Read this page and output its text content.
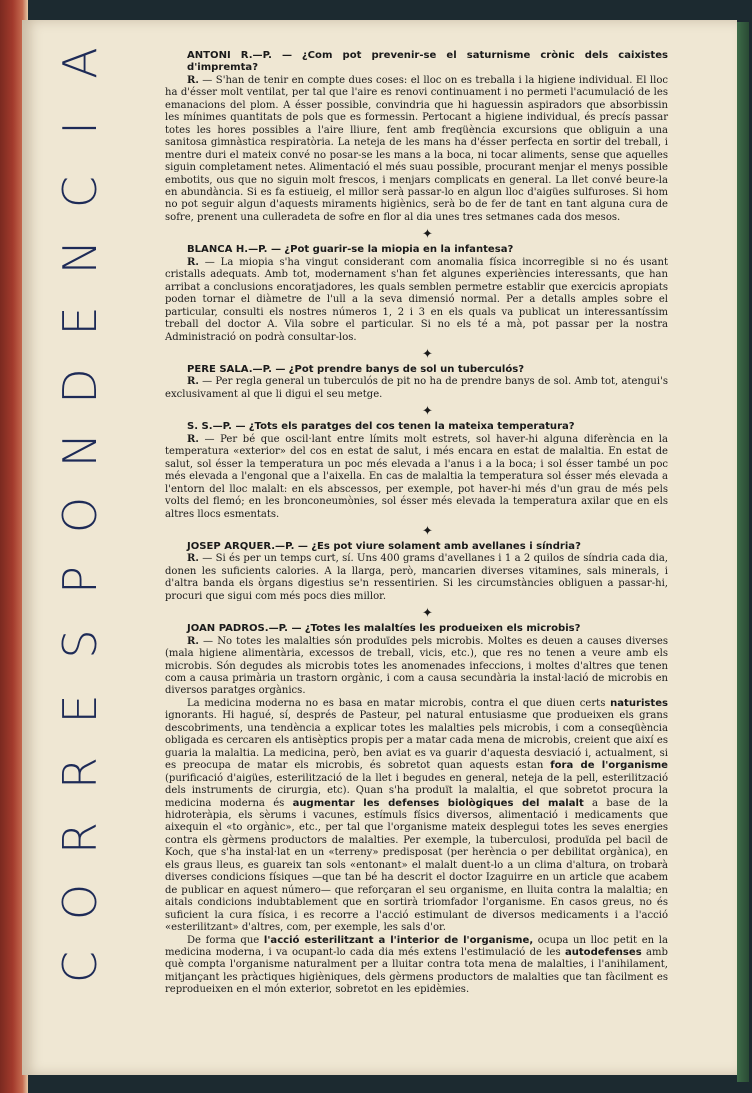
A
I
C
N
E
D
N
O
P
S
E
R
R
O
C

ANTONI R.—P. — ¿Com pot prevenir-se el saturnisme crònic dels caixistes d'impremta?

R. — S'han de tenir en compte dues coses: el lloc on es treballa i la higiene individual. El lloc ha d'ésser molt ventilat, per tal que l'aire es renovi continuament i no permeti l'acumulació de les emanacions del plom. A ésser possible, convindria que hi haguessin aspiradors que absorbissin les mínimes quantitats de pols que es formessin. Pertocant a higiene individual, és precís passar totes les hores possibles a l'aire lliure, fent amb freqüència excursions que obliguin a una sanitosa gimnàstica respiratòria. La neteja de les mans ha d'ésser perfecta en sortir del treball, i mentre duri el mateix convé no posar-se les mans a la boca, ni tocar aliments, sense que aquelles siguin completament netes. Alimentació el més suau possible, procurant menjar el menys possible embotits, ous que no siguin molt frescos, i menjars complicats en general. La llet convé beure-la en abundància. Si es fa estiueig, el millor serà passar-lo en algun lloc d'aigües sulfuroses. Si hom no pot seguir algun d'aquests miraments higiènics, serà bo de fer de tant en tant alguna cura de sofre, prenent una culleradeta de sofre en flor al dia unes tres setmanes cada dos mesos.

✦

BLANCA H.—P. — ¿Pot guarir-se la miopia en la infantesa?

R. — La miopia s'ha vingut considerant com anomalia física incorregible si no és usant cristalls adequats. Amb tot, modernament s'han fet algunes experiències interessants, que han arribat a conclusions encoratjadores, les quals semblen permetre establir que exercicis apropiats poden tornar el diàmetre de l'ull a la seva dimensió normal. Per a detalls amples sobre el particular, consulti els nostres números 1, 2 i 3 en els quals va publicat un interessantíssim treball del doctor A. Vila sobre el particular. Si no els té a mà, pot passar per la nostra Administració on podrà consultar-los.

✦

PERE SALA.—P. — ¿Pot prendre banys de sol un tuberculós?

R. — Per regla general un tuberculós de pit no ha de prendre banys de sol. Amb tot, atengui's exclusivament al que li digui el seu metge.

✦

S. S.—P. — ¿Tots els paratges del cos tenen la mateixa temperatura?

R. — Per bé que oscil·lant entre límits molt estrets, sol haver-hi alguna diferència en la temperatura «exterior» del cos en estat de salut, i més encara en estat de malaltia. En estat de salut, sol ésser la temperatura un poc més elevada a l'anus i a la boca; i sol ésser també un poc més elevada a l'engonal que a l'aixella. En cas de malaltia la temperatura sol ésser més elevada a l'entorn del lloc malalt: en els abscessos, per exemple, pot haver-hi més d'un grau de més pels volts del flemó; en les bronconeumònies, sol ésser més elevada la temperatura axilar que en els altres llocs esmentats.

✦

JOSEP ARQUER.—P. — ¿Es pot viure solament amb avellanes i síndria?

R. — Si és per un temps curt, sí. Uns 400 grams d'avellanes i 1 a 2 quilos de síndria cada dia, donen les suficients calories. A la llarga, però, mancarien diverses vitamines, sals minerals, i d'altra banda els òrgans digestius se'n ressentirien. Si les circumstàncies obliguen a passar-hi, procuri que sigui com més pocs dies millor.

✦

JOAN PADROS.—P. — ¿Totes les malaltíes les produeixen els microbis?

R. — No totes les malalties són produïdes pels microbis. Moltes es deuen a causes diverses (mala higiene alimentària, excessos de treball, vicis, etc.), que res no tenen a veure amb els microbis. Són degudes als microbis totes les anomenades infeccions, i moltes d'altres que tenen com a causa primària un trastorn orgànic, i com a causa secundària la instal·lació de microbis en diversos paratges orgànics.

La medicina moderna no es basa en matar microbis, contra el que diuen certs naturistes ignorants. Hi hagué, sí, després de Pasteur, pel natural entusiasme que produeixen els grans descobriments, una tendència a explicar totes les malalties pels microbis, i com a conseqüència obligada es cercaren els antisèptics propis per a matar cada mena de microbis, creient que així es guaria la malaltia. La medicina, però, ben aviat es va guarir d'aquesta desviació i, actualment, si es preocupa de matar els microbis, és sobretot quan aquests estan fora de l'organisme (purificació d'aigües, esterilització de la llet i begudes en general, neteja de la pell, esterilització dels instruments de cirurgia, etc). Quan s'ha produït la malaltia, el que sobretot procura la medicina moderna és augmentar les defenses biològiques del malalt a base de la hidroteràpia, els sèrums i vacunes, estímuls físics diversos, alimentació i medicaments que aixequin el «to orgànic», etc., per tal que l'organisme mateix desplegui totes les seves energies contra els gèrmens productors de malalties. Per exemple, la tuberculosi, produïda pel bacil de Koch, que s'ha instal·lat en un «terreny» predisposat (per herència o per debilitat orgànica), en els graus lleus, es guareix tan sols «entonant» el malalt duent-lo a un clima d'altura, on trobarà diverses condicions físiques —que tan bé ha descrit el doctor Izaguirre en un article que acabem de publicar en aquest número— que reforçaran el seu organisme, en lluita contra la malaltia; en aitals condicions indubtablement que en sortirà triomfador l'organisme. En casos greus, no és suficient la cura física, i es recorre a l'acció estimulant de diversos medicaments i a l'acció «esterilitzant» d'altres, com, per exemple, les sals d'or.

De forma que l'acció esterilitzant a l'interior de l'organisme, ocupa un lloc petit en la medicina moderna, i va ocupant-lo cada dia més extens l'estimulació de les autodefenses amb què compta l'organisme naturalment per a lluitar contra tota mena de malalties, i l'anihilament, mitjançant les pràctiques higièniques, dels gèrmens productors de malalties que tan fàcilment es reprodueixen en el món exterior, sobretot en les epidèmies.
